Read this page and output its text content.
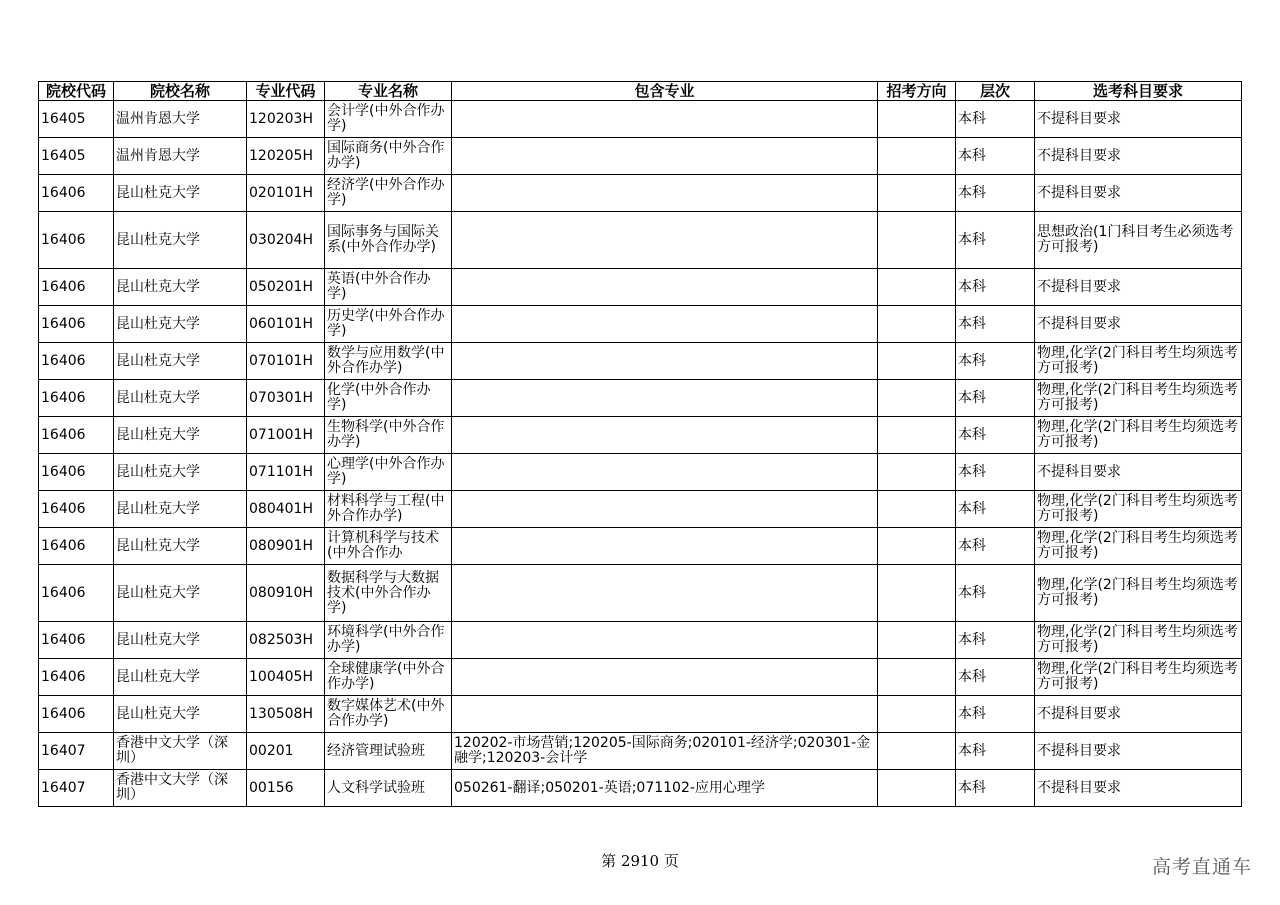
院校代码	院校名称	专业代码	专业名称	包含专业	招考方向	层次	选考科目要求
16405	温州肯恩大学	120203H	会计学(中外合作办学)			本科	不提科目要求
16405	温州肯恩大学	120205H	国际商务(中外合作办学)			本科	不提科目要求
16406	昆山杜克大学	020101H	经济学(中外合作办学)			本科	不提科目要求
16406	昆山杜克大学	030204H	国际事务与国际关系(中外合作办学)			本科	思想政治(1门科目考生必须选考方可报考)
16406	昆山杜克大学	050201H	英语(中外合作办学)			本科	不提科目要求
16406	昆山杜克大学	060101H	历史学(中外合作办学)			本科	不提科目要求
16406	昆山杜克大学	070101H	数学与应用数学(中外合作办学)			本科	物理,化学(2门科目考生均须选考方可报考)
16406	昆山杜克大学	070301H	化学(中外合作办学)			本科	物理,化学(2门科目考生均须选考方可报考)
16406	昆山杜克大学	071001H	生物科学(中外合作办学)			本科	物理,化学(2门科目考生均须选考方可报考)
16406	昆山杜克大学	071101H	心理学(中外合作办学)			本科	不提科目要求
16406	昆山杜克大学	080401H	材料科学与工程(中外合作办学)			本科	物理,化学(2门科目考生均须选考方可报考)
16406	昆山杜克大学	080901H	计算机科学与技术(中外合作办			本科	物理,化学(2门科目考生均须选考方可报考)
16406	昆山杜克大学	080910H	数据科学与大数据技术(中外合作办学)			本科	物理,化学(2门科目考生均须选考方可报考)
16406	昆山杜克大学	082503H	环境科学(中外合作办学)			本科	物理,化学(2门科目考生均须选考方可报考)
16406	昆山杜克大学	100405H	全球健康学(中外合作办学)			本科	物理,化学(2门科目考生均须选考方可报考)
16406	昆山杜克大学	130508H	数字媒体艺术(中外合作办学)			本科	不提科目要求
16407	香港中文大学（深圳）	00201	经济管理试验班	120202-市场营销;120205-国际商务;020101-经济学;020301-金融学;120203-会计学		本科	不提科目要求
16407	香港中文大学（深圳）	00156	人文科学试验班	050261-翻译;050201-英语;071102-应用心理学		本科	不提科目要求
第 2910 页	高考直通车
